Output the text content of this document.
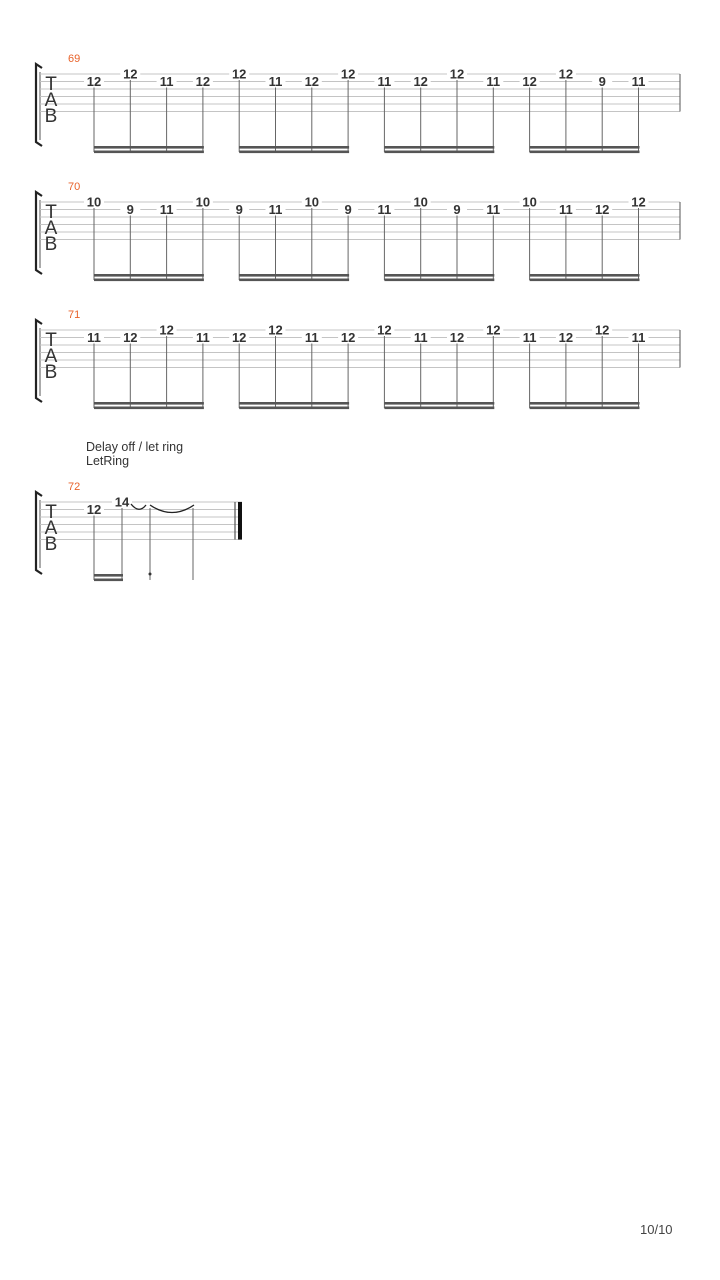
69
T
A
B
12 12 11 12 12 11 12 12 11 12 12 11 12 12 9 11
70
T
A
B
10 9 11 10 9 11 10 9 11 10 9 11 10 11 12 12
71
T
A
B
11 12 12 11 12 12 11 12 12 11 12 12 11 12 12 11
Delay off / let ring
LetRing
72
T
A
B
12 14
10/10
